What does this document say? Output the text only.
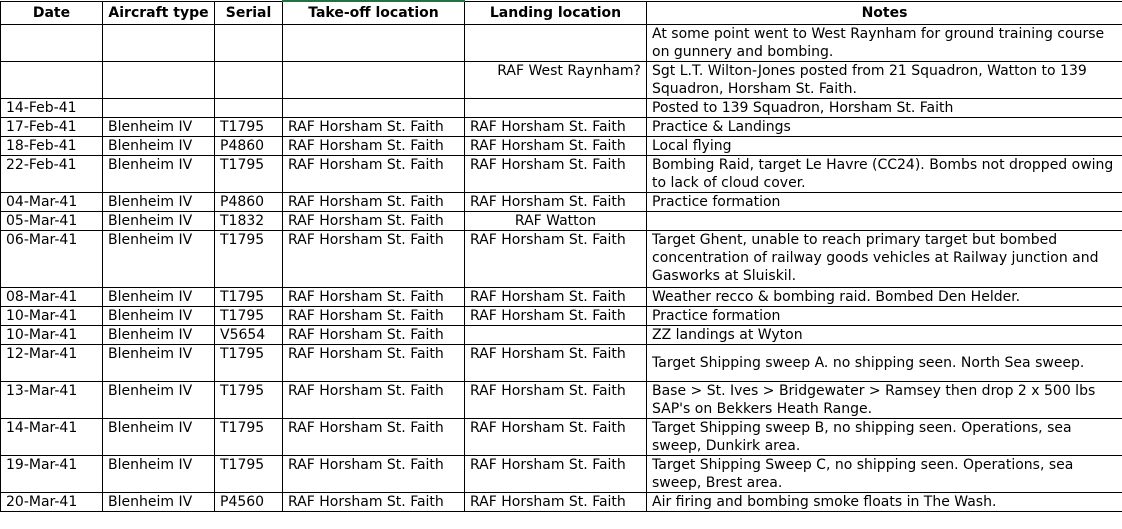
Date	Aircraft type	Serial	Take-off location	Landing location	Notes
					At some point went to West Raynham for ground training course on gunnery and bombing.
				RAF West Raynham?	Sgt L.T. Wilton-Jones posted from 21 Squadron, Watton to 139 Squadron, Horsham St. Faith.
14-Feb-41					Posted to 139 Squadron, Horsham St. Faith
17-Feb-41	Blenheim IV	T1795	RAF Horsham St. Faith	RAF Horsham St. Faith	Practice & Landings
18-Feb-41	Blenheim IV	P4860	RAF Horsham St. Faith	RAF Horsham St. Faith	Local flying
22-Feb-41	Blenheim IV	T1795	RAF Horsham St. Faith	RAF Horsham St. Faith	Bombing Raid, target Le Havre (CC24). Bombs not dropped owing to lack of cloud cover.
04-Mar-41	Blenheim IV	P4860	RAF Horsham St. Faith	RAF Horsham St. Faith	Practice formation
05-Mar-41	Blenheim IV	T1832	RAF Horsham St. Faith	RAF Watton	
06-Mar-41	Blenheim IV	T1795	RAF Horsham St. Faith	RAF Horsham St. Faith	Target Ghent, unable to reach primary target but bombed concentration of railway goods vehicles at Railway junction and Gasworks at Sluiskil.
08-Mar-41	Blenheim IV	T1795	RAF Horsham St. Faith	RAF Horsham St. Faith	Weather recco & bombing raid. Bombed Den Helder.
10-Mar-41	Blenheim IV	T1795	RAF Horsham St. Faith	RAF Horsham St. Faith	Practice formation
10-Mar-41	Blenheim IV	V5654	RAF Horsham St. Faith		ZZ landings at Wyton
12-Mar-41	Blenheim IV	T1795	RAF Horsham St. Faith	RAF Horsham St. Faith	Target Shipping sweep A. no shipping seen. North Sea sweep.
13-Mar-41	Blenheim IV	T1795	RAF Horsham St. Faith	RAF Horsham St. Faith	Base > St. Ives > Bridgewater > Ramsey then drop 2 x 500 lbs SAP's on Bekkers Heath Range.
14-Mar-41	Blenheim IV	T1795	RAF Horsham St. Faith	RAF Horsham St. Faith	Target Shipping sweep B, no shipping seen. Operations, sea sweep, Dunkirk area.
19-Mar-41	Blenheim IV	T1795	RAF Horsham St. Faith	RAF Horsham St. Faith	Target Shipping Sweep C, no shipping seen. Operations, sea sweep, Brest area.
20-Mar-41	Blenheim IV	P4560	RAF Horsham St. Faith	RAF Horsham St. Faith	Air firing and bombing smoke floats in The Wash.
